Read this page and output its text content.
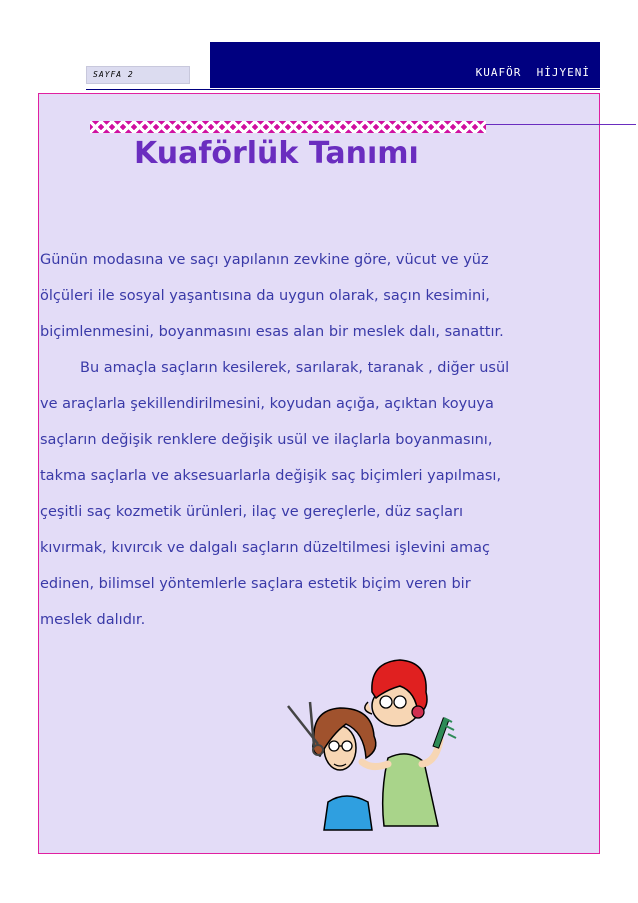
SAYFA 2	KUAFÖR  HİJYENİ
Kuaförlük Tanımı
Günün modasına ve saçı yapılanın zevkine göre, vücut ve yüz
ölçüleri ile sosyal yaşantısına da uygun olarak, saçın kesimini,
biçimlenmesini, boyanmasını esas alan bir meslek dalı, sanattır.
Bu amaçla saçların kesilerek, sarılarak, taranak , diğer usül
ve araçlarla şekillendirilmesini, koyudan açığa, açıktan koyuya
saçların değişik renklere değişik usül ve ilaçlarla boyanmasını,
takma saçlarla ve aksesuarlarla değişik saç biçimleri yapılması,
çeşitli saç kozmetik ürünleri, ilaç ve gereçlerle, düz saçları
kıvırmak, kıvırcık ve dalgalı saçların düzeltilmesi işlevini amaç
edinen, bilimsel yöntemlerle saçlara estetik biçim veren bir
meslek dalıdır.
